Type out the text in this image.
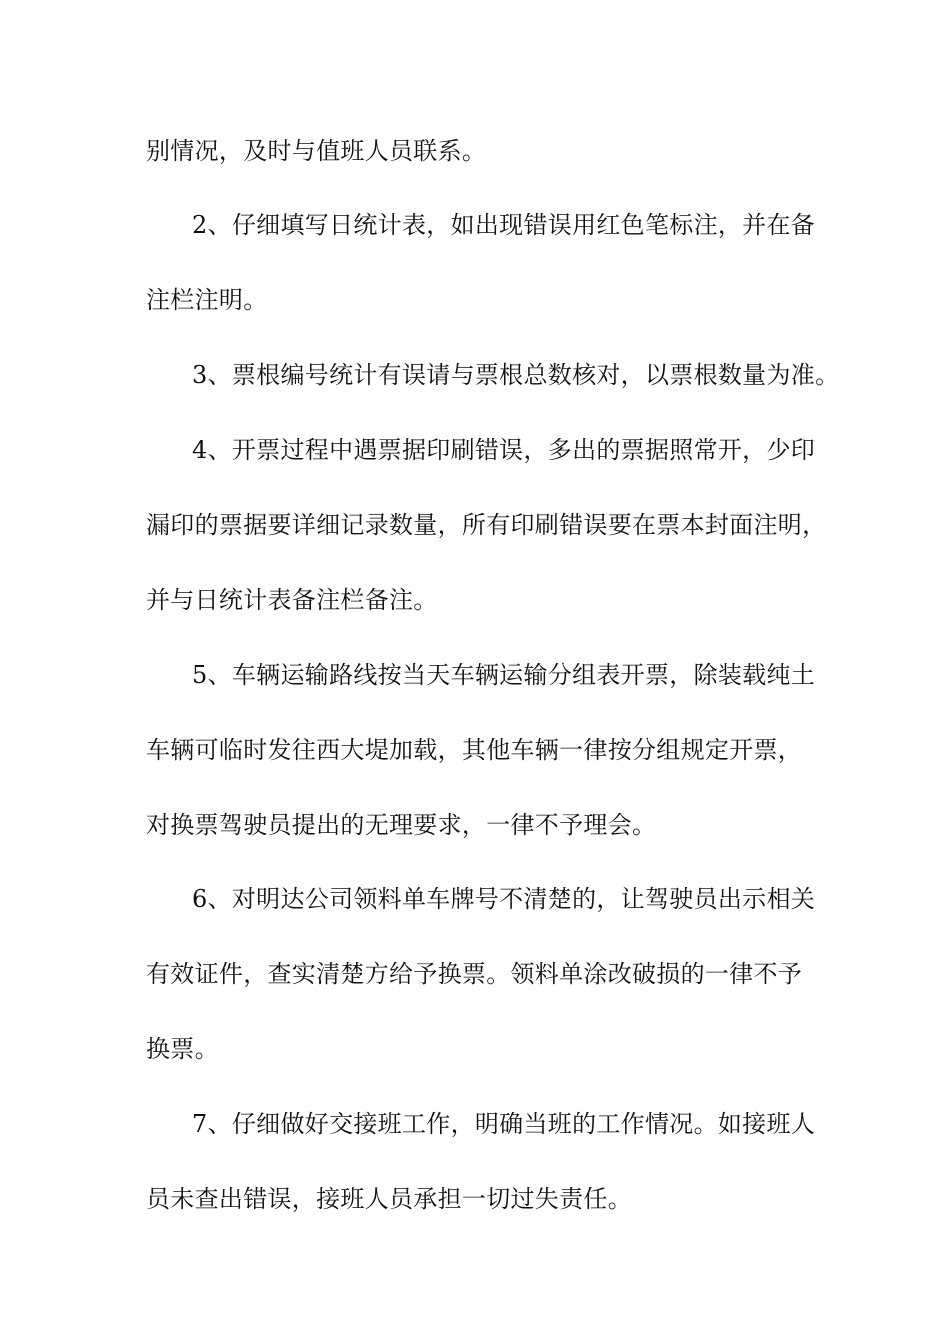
别情况，及时与值班人员联系。
2、仔细填写日统计表，如出现错误用红色笔标注，并在备
注栏注明。
3、票根编号统计有误请与票根总数核对，以票根数量为准。
4、开票过程中遇票据印刷错误，多出的票据照常开，少印
漏印的票据要详细记录数量，所有印刷错误要在票本封面注明，
并与日统计表备注栏备注。
5、车辆运输路线按当天车辆运输分组表开票，除装载纯土
车辆可临时发往西大堤加载，其他车辆一律按分组规定开票，
对换票驾驶员提出的无理要求，一律不予理会。
6、对明达公司领料单车牌号不清楚的，让驾驶员出示相关
有效证件，查实清楚方给予换票。领料单涂改破损的一律不予
换票。
7、仔细做好交接班工作，明确当班的工作情况。如接班人
员未查出错误，接班人员承担一切过失责任。
